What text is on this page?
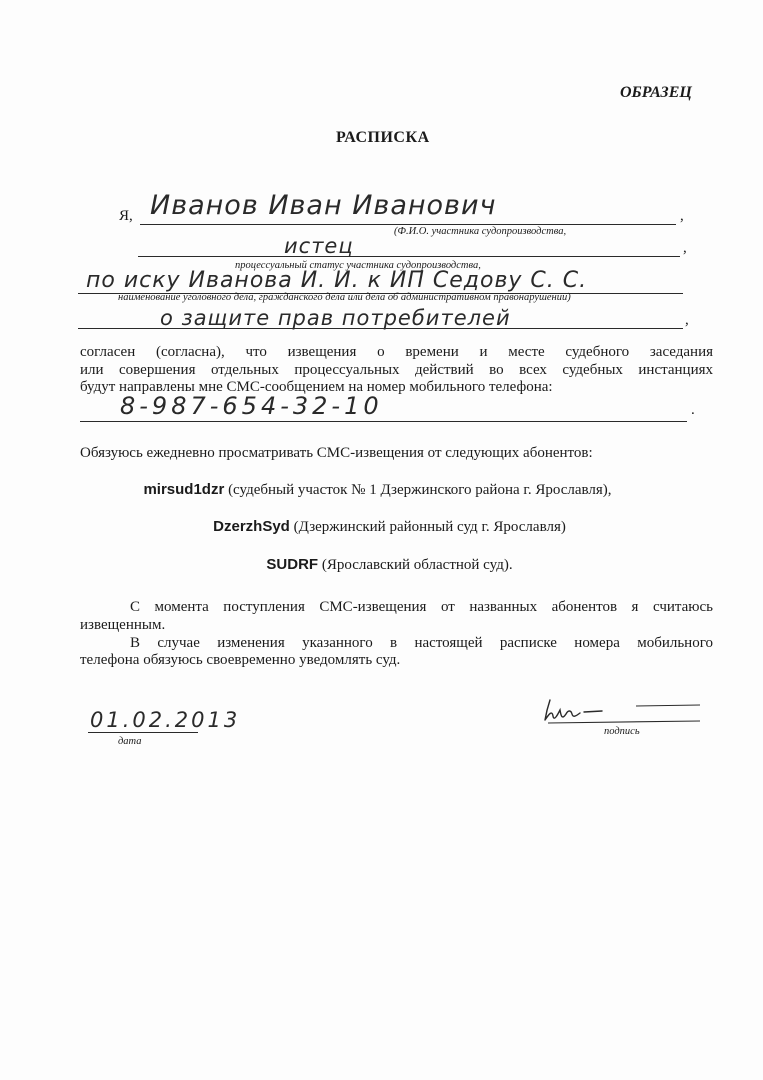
ОБРАЗЕЦ
РАСПИСКА
Я, Иванов Иван Иванович	,
(Ф.И.О. участника судопроизводства,
истец	,
процессуальный статус участника судопроизводства,
по иску Иванова И. И. к ИП Седову С. С.
наименование уголовного дела, гражданского дела или дела об административном правонарушении)
о защите прав потребителей	,
согласен (согласна), что извещения о времени и месте судебного заседания
или совершения отдельных процессуальных действий во всех судебных инстанциях
будут направлены мне СМС-сообщением на номер мобильного телефона:
8-987-654-32-10	.
Обязуюсь ежедневно просматривать СМС-извещения от следующих абонентов:
mirsud1dzr (судебный участок № 1 Дзержинского района г. Ярославля),
DzerzhSyd (Дзержинский районный суд г. Ярославля)
SUDRF (Ярославский областной суд).
С момента поступления СМС-извещения от названных абонентов я считаюсь
извещенным.
В случае изменения указанного в настоящей расписке номера мобильного
телефона обязуюсь своевременно уведомлять суд.
01.02.2013
дата
подпись
